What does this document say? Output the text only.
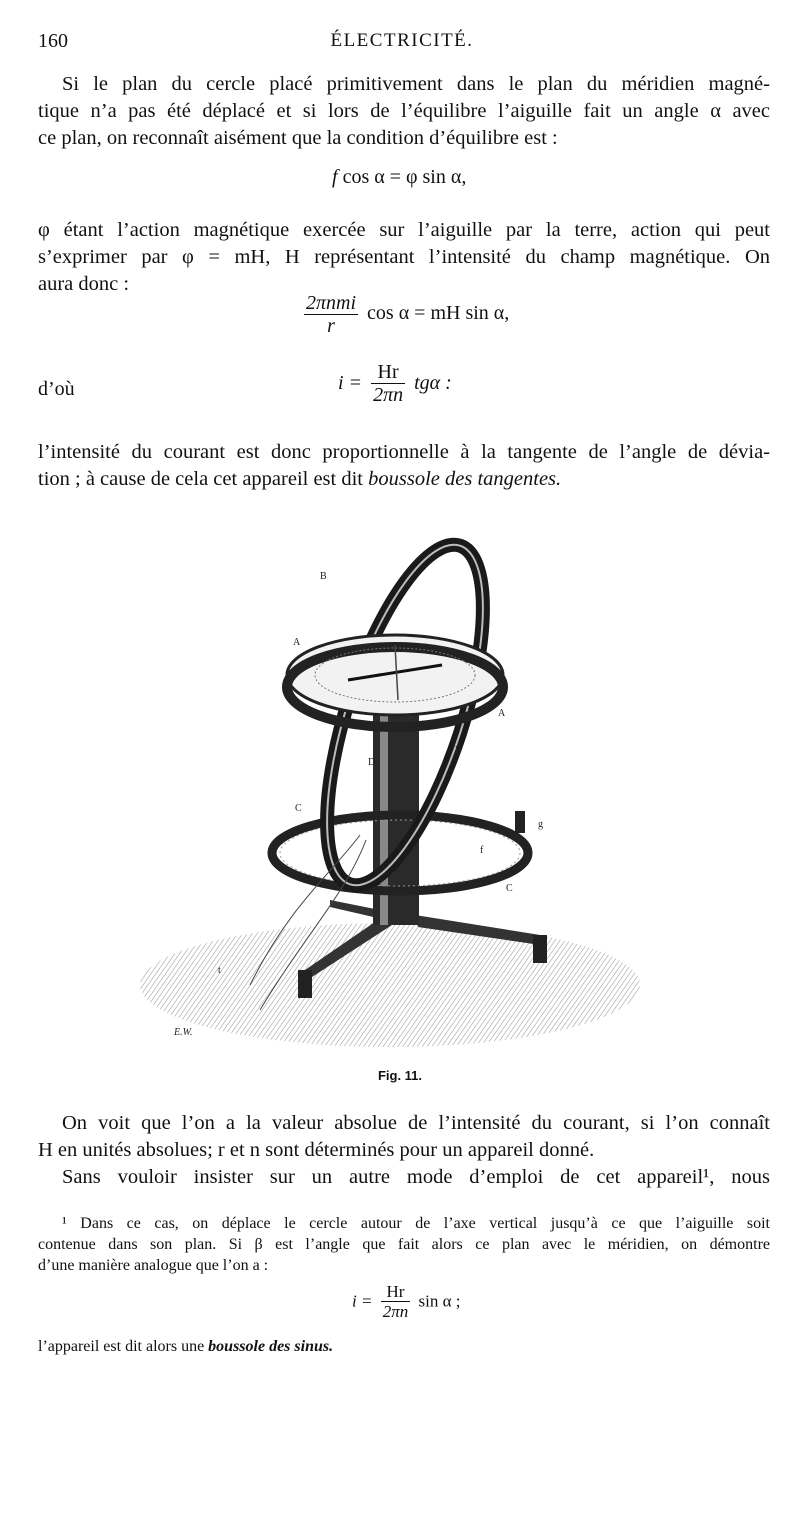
160	ÉLECTRICITÉ.
Si le plan du cercle placé primitivement dans le plan du méridien magné-
tique n’a pas été déplacé et si lors de l’équilibre l’aiguille fait un angle α avec
ce plan, on reconnaît aisément que la condition d’équilibre est :
f cos α = φ sin α,
φ étant l’action magnétique exercée sur l’aiguille par la terre, action qui peut
s’exprimer par φ = mH, H représentant l’intensité du champ magnétique. On
aura donc :
$\frac{\text{2πnmi}}{r}$ cos α = mH sin α,
d’où	$i = \frac{Hr}{2\pi n}$ tgα :
l’intensité du courant est donc proportionnelle à la tangente de l’angle de dévia-
tion ; à cause de cela cet appareil est dit boussole des tangentes.
B
A
A
B
D
C
C
g
f
t
E.W.
Fig. 11.
On voit que l’on a la valeur absolue de l’intensité du courant, si l’on connaît
H en unités absolues; r et n sont déterminés pour un appareil donné.
Sans vouloir insister sur un autre mode d’emploi de cet appareil¹, nous
¹ Dans ce cas, on déplace le cercle autour de l’axe vertical jusqu’à ce que l’aiguille soit
contenue dans son plan. Si β est l’angle que fait alors ce plan avec le méridien, on démontre
d’une manière analogue que l’on a :
$i = \frac{Hr}{2\pi n}$ sin α ;
l’appareil est dit alors une boussole des sinus.
